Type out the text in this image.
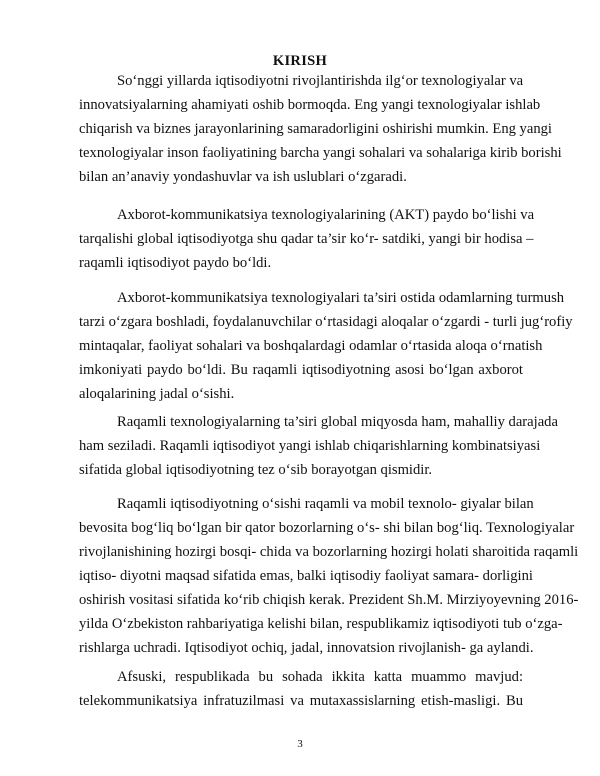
KIRISH
So‘nggi yillarda iqtisodiyotni rivojlantirishda ilg‘or texnologiyalar va
innovatsiyalarning ahamiyati oshib bormoqda. Eng yangi texnologiyalar ishlab
chiqarish va biznes jarayonlarining samaradorligini oshirishi mumkin. Eng yangi
texnologiyalar inson faoliyatining barcha yangi sohalari va sohalariga kirib borishi
bilan an’anaviy yondashuvlar va ish uslublari o‘zgaradi.
Axborot-kommunikatsiya texnologiyalarining (AKT) paydo bo‘lishi va
tarqalishi global iqtisodiyotga shu qadar ta’sir ko‘r- satdiki, yangi bir hodisa –
raqamli iqtisodiyot paydo bo‘ldi.
Axborot-kommunikatsiya texnologiyalari ta’siri ostida odamlarning turmush
tarzi o‘zgara boshladi, foydalanuvchilar o‘rtasidagi aloqalar o‘zgardi - turli jug‘rofiy
mintaqalar, faoliyat sohalari va boshqalardagi odamlar o‘rtasida aloqa o‘rnatish
imkoniyati paydo bo‘ldi. Bu raqamli iqtisodiyotning asosi bo‘lgan axborot
aloqalarining jadal o‘sishi.
Raqamli texnologiyalarning ta’siri global miqyosda ham, mahalliy darajada
ham seziladi. Raqamli iqtisodiyot yangi ishlab chiqarishlarning kombinatsiyasi
sifatida global iqtisodiyotning tez o‘sib borayotgan qismidir.
Raqamli iqtisodiyotning o‘sishi raqamli va mobil texnolo- giyalar bilan
bevosita bog‘liq bo‘lgan bir qator bozorlarning o‘s- shi bilan bog‘liq. Texnologiyalar
rivojlanishining hozirgi bosqi- chida va bozorlarning hozirgi holati sharoitida raqamli
iqtiso- diyotni maqsad sifatida emas, balki iqtisodiy faoliyat samara- dorligini
oshirish vositasi sifatida ko‘rib chiqish kerak. Prezident Sh.M. Mirziyoyevning 2016-
yilda O‘zbekiston rahbariyatiga kelishi bilan, respublikamiz iqtisodiyoti tub o‘zga-
rishlarga uchradi. Iqtisodiyot ochiq, jadal, innovatsion rivojlanish- ga aylandi.
Afsuski, respublikada bu sohada ikkita katta muammo mavjud:
telekommunikatsiya infratuzilmasi va mutaxassislarning etish-masligi. Bu
3
